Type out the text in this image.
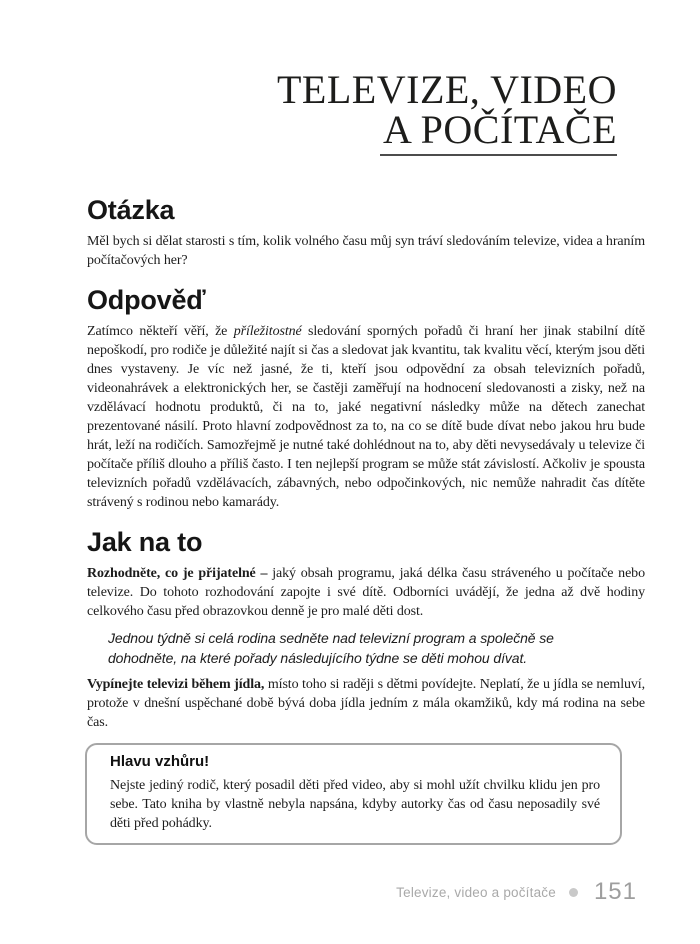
TELEVIZE, VIDEO
A POČÍTAČE
Otázka

Měl bych si dělat starosti s tím, kolik volného času můj syn tráví sledováním televize, videa a hraním počítačových her?

Odpověď

Zatímco někteří věří, že příležitostné sledování sporných pořadů či hraní her jinak stabilní dítě nepoškodí, pro rodiče je důležité najít si čas a sledovat jak kvantitu, tak kvalitu věcí, kterým jsou děti dnes vystaveny. Je víc než jasné, že ti, kteří jsou odpovědní za obsah televizních pořadů, videonahrávek a elektronických her, se častěji zaměřují na hodnocení sledovanosti a zisky, než na vzdělávací hodnotu produktů, či na to, jaké negativní následky může na dětech zanechat prezentované násilí. Proto hlavní zodpovědnost za to, na co se dítě bude dívat nebo jakou hru bude hrát, leží na rodičích. Samozřejmě je nutné také dohlédnout na to, aby děti nevysedávaly u televize či počítače příliš dlouho a příliš často. I ten nejlepší program se může stát závislostí. Ačkoliv je spousta televizních pořadů vzdělávacích, zábavných, nebo odpočinkových, nic nemůže nahradit čas dítěte strávený s rodinou nebo kamarády.

Jak na to

Rozhodněte, co je přijatelné – jaký obsah programu, jaká délka času stráveného u počítače nebo televize. Do tohoto rozhodování zapojte i své dítě. Odborníci uvádějí, že jedna až dvě hodiny celkového času před obrazovkou denně je pro malé děti dost.

Jednou týdně si celá rodina sedněte nad televizní program a společně se dohodněte, na které pořady následujícího týdne se děti mohou dívat.

Vypínejte televizi během jídla, místo toho si raději s dětmi povídejte. Neplatí, že u jídla se nemluví, protože v dnešní uspěchané době bývá doba jídla jedním z mála okamžiků, kdy má rodina na sebe čas.

Hlavu vzhůru!

Nejste jediný rodič, který posadil děti před video, aby si mohl užít chvilku klidu jen pro sebe. Tato kniha by vlastně nebyla napsána, kdyby autorky čas od času neposadily své děti před pohádky.

Televize, video a počítače 151
